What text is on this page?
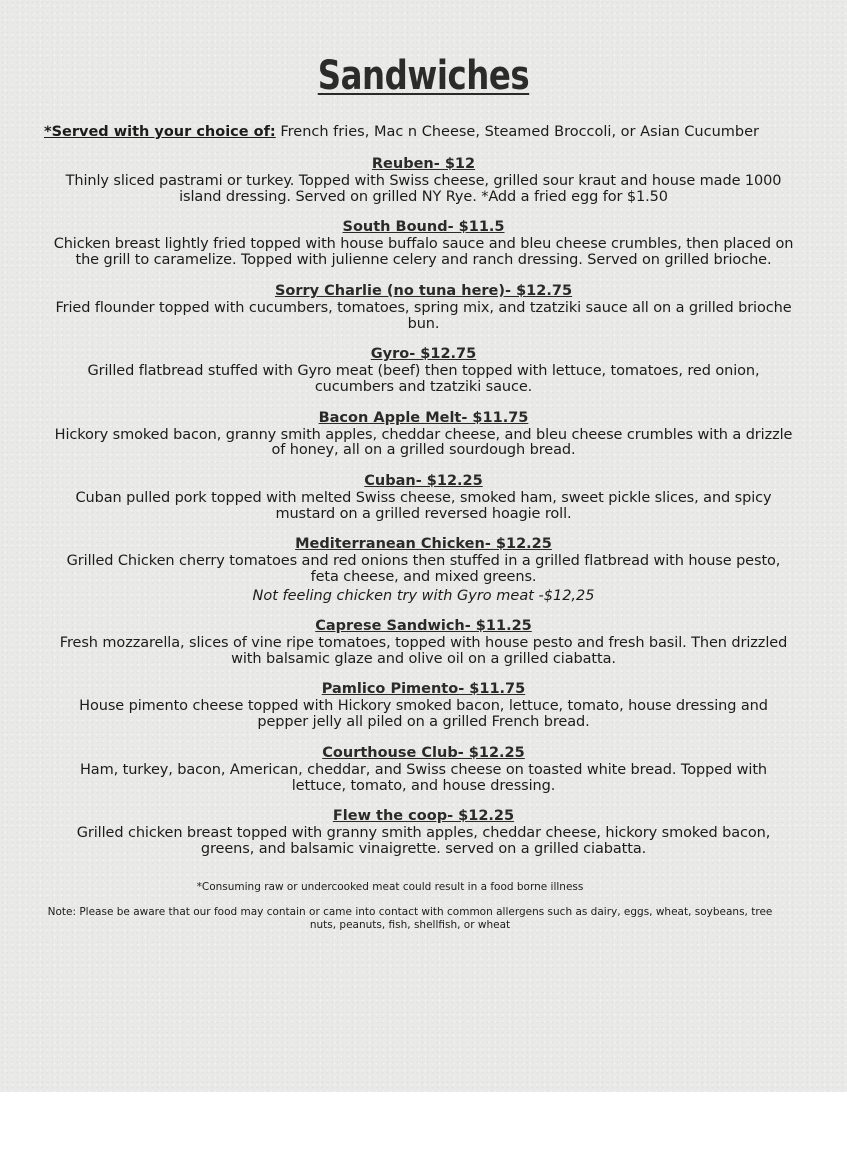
Sandwiches
*Served with your choice of: French fries, Mac n Cheese, Steamed Broccoli, or Asian Cucumber
Reuben- $12
Thinly sliced pastrami or turkey. Topped with Swiss cheese, grilled sour kraut and house made 1000 island dressing. Served on grilled NY Rye. *Add a fried egg for $1.50
South Bound- $11.5
Chicken breast lightly fried topped with house buffalo sauce and bleu cheese crumbles, then placed on the grill to caramelize. Topped with julienne celery and ranch dressing. Served on grilled brioche.
Sorry Charlie (no tuna here)- $12.75
Fried flounder topped with cucumbers, tomatoes, spring mix, and tzatziki sauce all on a grilled brioche bun.
Gyro- $12.75
Grilled flatbread stuffed with Gyro meat (beef) then topped with lettuce, tomatoes, red onion, cucumbers and tzatziki sauce.
Bacon Apple Melt- $11.75
Hickory smoked bacon, granny smith apples, cheddar cheese, and bleu cheese crumbles with a drizzle of honey, all on a grilled sourdough bread.
Cuban- $12.25
Cuban pulled pork topped with melted Swiss cheese, smoked ham, sweet pickle slices, and spicy mustard on a grilled reversed hoagie roll.
Mediterranean Chicken- $12.25
Grilled Chicken cherry tomatoes and red onions then stuffed in a grilled flatbread with house pesto, feta cheese, and mixed greens.
Not feeling chicken try with Gyro meat -$12,25
Caprese Sandwich- $11.25
Fresh mozzarella, slices of vine ripe tomatoes, topped with house pesto and fresh basil. Then drizzled with balsamic glaze and olive oil on a grilled ciabatta.
Pamlico Pimento- $11.75
House pimento cheese topped with Hickory smoked bacon, lettuce, tomato, house dressing and pepper jelly all piled on a grilled French bread.
Courthouse Club- $12.25
Ham, turkey, bacon, American, cheddar, and Swiss cheese on toasted white bread. Topped with lettuce, tomato, and house dressing.
Flew the coop- $12.25
Grilled chicken breast topped with granny smith apples, cheddar cheese, hickory smoked bacon, greens, and balsamic vinaigrette. served on a grilled ciabatta.
*Consuming raw or undercooked meat could result in a food borne illness
Note: Please be aware that our food may contain or came into contact with common allergens such as dairy, eggs, wheat, soybeans, tree nuts, peanuts, fish, shellfish, or wheat
